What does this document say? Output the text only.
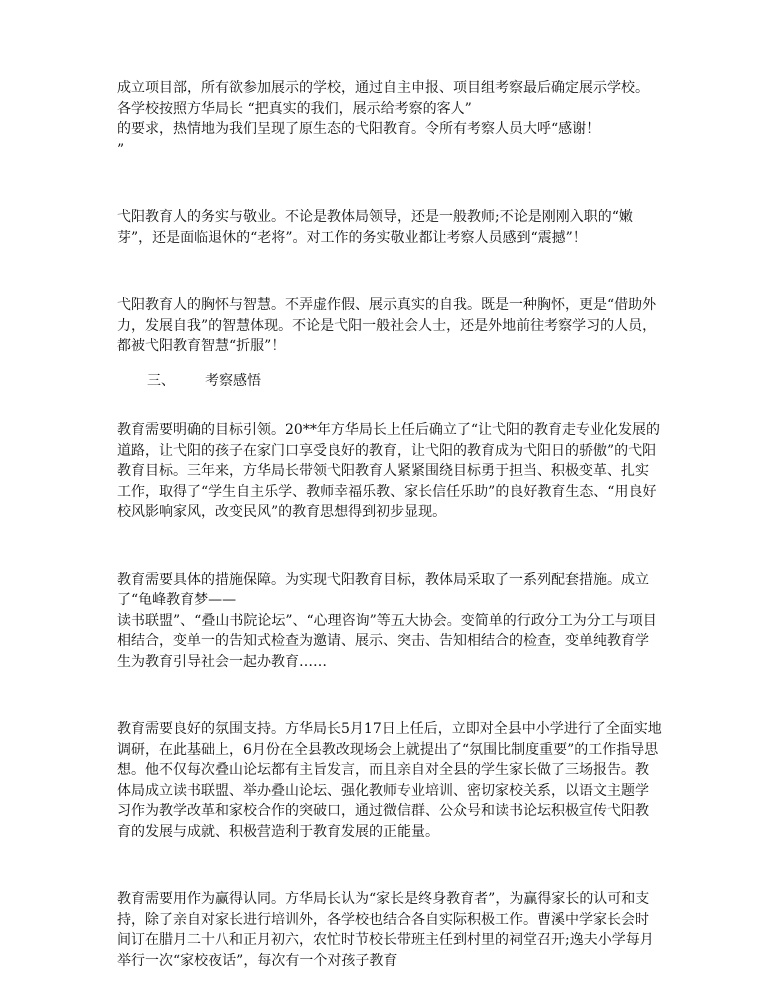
成立项目部，所有欲参加展示的学校，通过自主申报、项目组考察最后确定展示学校。各学校按照方华局长 “把真实的我们，展示给考察的客人”
的要求，热情地为我们呈现了原生态的弋阳教育。令所有考察人员大呼“感谢！
”

弋阳教育人的务实与敬业。不论是教体局领导，还是一般教师;不论是刚刚入职的“嫩芽”，还是面临退休的“老将”。对工作的务实敬业都让考察人员感到“震撼”！

弋阳教育人的胸怀与智慧。不弄虚作假、展示真实的自我。既是一种胸怀，更是“借助外力，发展自我”的智慧体现。不论是弋阳一般社会人士，还是外地前往考察学习的人员，都被弋阳教育智慧“折服”！

三、 考察感悟

教育需要明确的目标引领。20**年方华局长上任后确立了“让弋阳的教育走专业化发展的道路，让弋阳的孩子在家门口享受良好的教育，让弋阳的教育成为弋阳日的骄傲”的弋阳教育目标。三年来，方华局长带领弋阳教育人紧紧围绕目标勇于担当、积极变革、扎实工作，取得了“学生自主乐学、教师幸福乐教、家长信任乐助”的良好教育生态、“用良好校风影响家风，改变民风”的教育思想得到初步显现。

教育需要具体的措施保障。为实现弋阳教育目标，教体局采取了一系列配套措施。成立了“龟峰教育梦——
读书联盟”、“叠山书院论坛”、“心理咨询”等五大协会。变简单的行政分工为分工与项目相结合，变单一的告知式检查为邀请、展示、突击、告知相结合的检查，变单纯教育学生为教育引导社会一起办教育……

教育需要良好的氛围支持。方华局长5月17日上任后，立即对全县中小学进行了全面实地调研，在此基础上，6月份在全县教改现场会上就提出了“氛围比制度重要”的工作指导思想。他不仅每次叠山论坛都有主旨发言，而且亲自对全县的学生家长做了三场报告。教体局成立读书联盟、举办叠山论坛、强化教师专业培训、密切家校关系，以语文主题学习作为教学改革和家校合作的突破口，通过微信群、公众号和读书论坛积极宣传弋阳教育的发展与成就、积极营造利于教育发展的正能量。

教育需要用作为赢得认同。方华局长认为“家长是终身教育者”，为赢得家长的认可和支持，除了亲自对家长进行培训外，各学校也结合各自实际积极工作。曹溪中学家长会时间订在腊月二十八和正月初六，农忙时节校长带班主任到村里的祠堂召开;逸夫小学每月举行一次“家校夜话”，每次有一个对孩子教育
